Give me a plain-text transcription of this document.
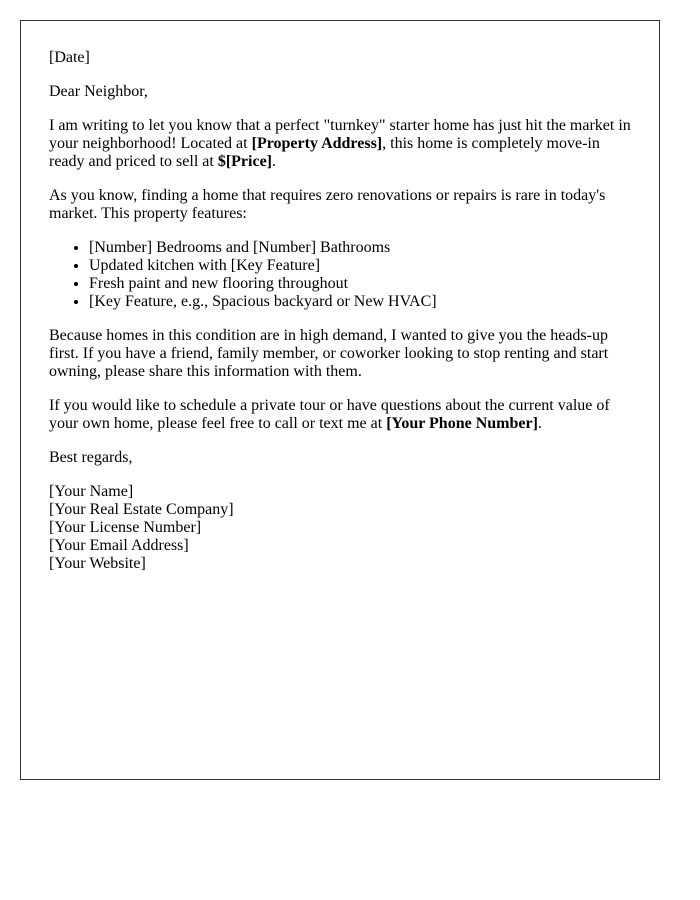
[Date]

Dear Neighbor,

I am writing to let you know that a perfect "turnkey" starter home has just hit the market in your neighborhood! Located at [Property Address], this home is completely move-in ready and priced to sell at $[Price].

As you know, finding a home that requires zero renovations or repairs is rare in today's market. This property features:

• [Number] Bedrooms and [Number] Bathrooms
• Updated kitchen with [Key Feature]
• Fresh paint and new flooring throughout
• [Key Feature, e.g., Spacious backyard or New HVAC]

Because homes in this condition are in high demand, I wanted to give you the heads-up first. If you have a friend, family member, or coworker looking to stop renting and start owning, please share this information with them.

If you would like to schedule a private tour or have questions about the current value of your own home, please feel free to call or text me at [Your Phone Number].

Best regards,

[Your Name]
[Your Real Estate Company]
[Your License Number]
[Your Email Address]
[Your Website]
